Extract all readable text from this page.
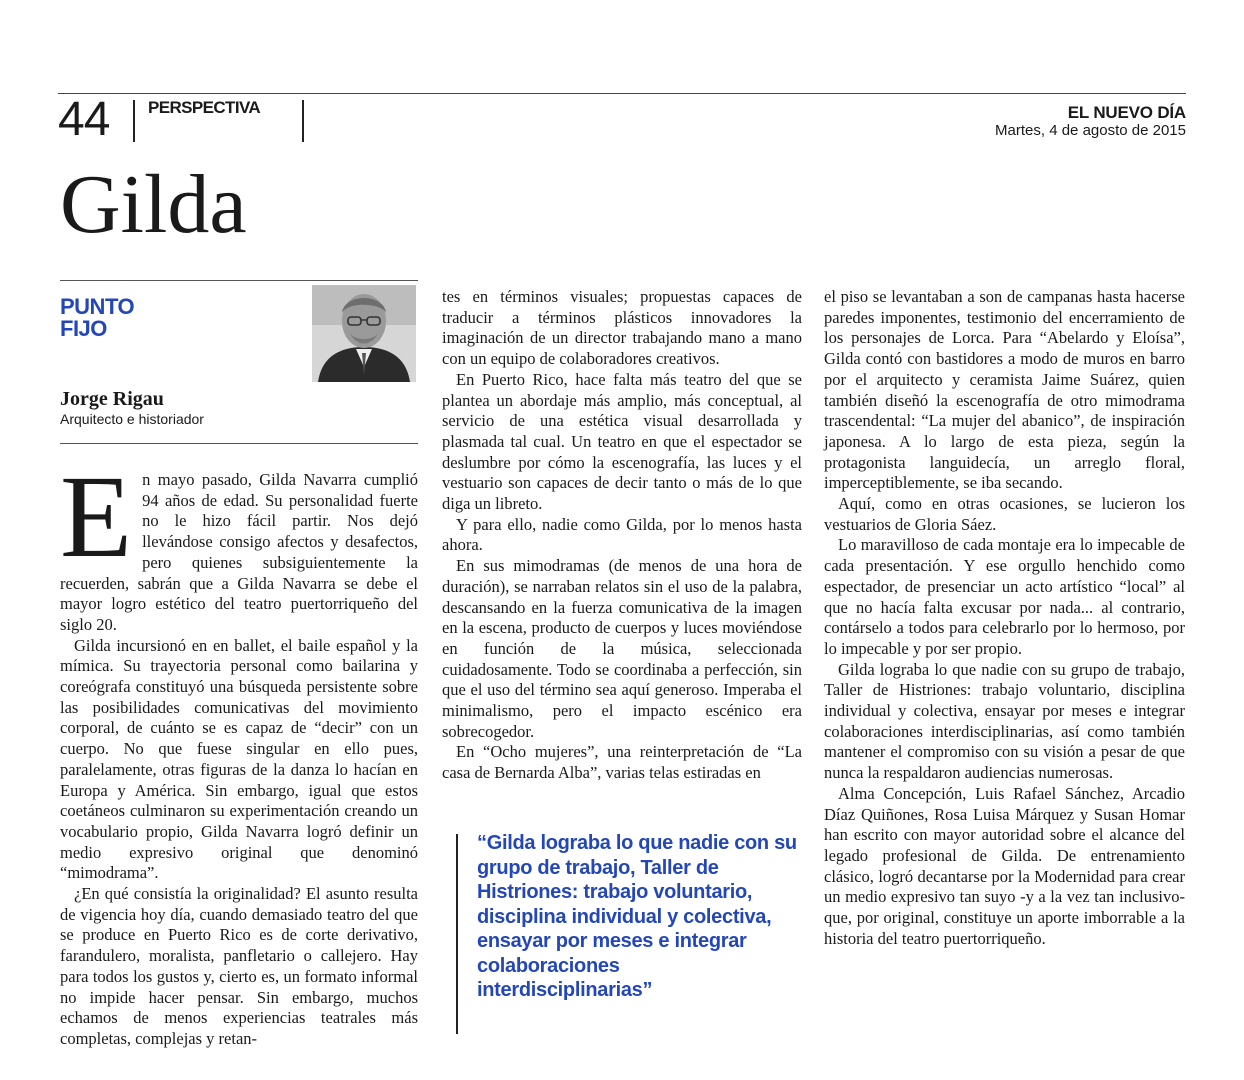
44 PERSPECTIVA	EL NUEVO DÍA
Martes, 4 de agosto de 2015
Gilda
PUNTO FIJO
Jorge Rigau
Arquitecto e historiador

En mayo pasado, Gilda Navarra cumplió 94 años de edad. Su personalidad fuerte no le hizo fácil partir. Nos dejó llevándose consigo afectos y desafectos, pero quienes subsiguientemente la recuerden, sabrán que a Gilda Navarra se debe el mayor logro estético del teatro puertorriqueño del siglo 20.

Gilda incursionó en en ballet, el baile español y la mímica. Su trayectoria personal como bailarina y coreógrafa constituyó una búsqueda persistente sobre las posibilidades comunicativas del movimiento corporal, de cuánto se es capaz de “decir” con un cuerpo. No que fuese singular en ello pues, paralelamente, otras figuras de la danza lo hacían en Europa y América. Sin embargo, igual que estos coetáneos culminaron su experimentación creando un vocabulario propio, Gilda Navarra logró definir un medio expresivo original que denominó “mimodrama”.

¿En qué consistía la originalidad? El asunto resulta de vigencia hoy día, cuando demasiado teatro del que se produce en Puerto Rico es de corte derivativo, farandulero, moralista, panfletario o callejero. Hay para todos los gustos y, cierto es, un formato informal no impide hacer pensar. Sin embargo, muchos echamos de menos experiencias teatrales más completas, complejas y retan-

tes en términos visuales; propuestas capaces de traducir a términos plásticos innovadores la imaginación de un director trabajando mano a mano con un equipo de colaboradores creativos.

En Puerto Rico, hace falta más teatro del que se plantea un abordaje más amplio, más conceptual, al servicio de una estética visual desarrollada y plasmada tal cual. Un teatro en que el espectador se deslumbre por cómo la escenografía, las luces y el vestuario son capaces de decir tanto o más de lo que diga un libreto.

Y para ello, nadie como Gilda, por lo menos hasta ahora.

En sus mimodramas (de menos de una hora de duración), se narraban relatos sin el uso de la palabra, descansando en la fuerza comunicativa de la imagen en la escena, producto de cuerpos y luces moviéndose en función de la música, seleccionada cuidadosamente. Todo se coordinaba a perfección, sin que el uso del término sea aquí generoso. Imperaba el minimalismo, pero el impacto escénico era sobrecogedor.

En “Ocho mujeres”, una reinterpretación de “La casa de Bernarda Alba”, varias telas estiradas en

“Gilda lograba lo que nadie con su grupo de trabajo, Taller de Histriones: trabajo voluntario, disciplina individual y colectiva, ensayar por meses e integrar colaboraciones interdisciplinarias”

el piso se levantaban a son de campanas hasta hacerse paredes imponentes, testimonio del encerramiento de los personajes de Lorca. Para “Abelardo y Eloísa”, Gilda contó con bastidores a modo de muros en barro por el arquitecto y ceramista Jaime Suárez, quien también diseñó la escenografía de otro mimodrama trascendental: “La mujer del abanico”, de inspiración japonesa. A lo largo de esta pieza, según la protagonista languidecía, un arreglo floral, imperceptiblemente, se iba secando.

Aquí, como en otras ocasiones, se lucieron los vestuarios de Gloria Sáez.

Lo maravilloso de cada montaje era lo impecable de cada presentación. Y ese orgullo henchido como espectador, de presenciar un acto artístico “local” al que no hacía falta excusar por nada... al contrario, contárselo a todos para celebrarlo por lo hermoso, por lo impecable y por ser propio.

Gilda lograba lo que nadie con su grupo de trabajo, Taller de Histriones: trabajo voluntario, disciplina individual y colectiva, ensayar por meses e integrar colaboraciones interdisciplinarias, así como también mantener el compromiso con su visión a pesar de que nunca la respaldaron audiencias numerosas.

Alma Concepción, Luis Rafael Sánchez, Arcadio Díaz Quiñones, Rosa Luisa Márquez y Susan Homar han escrito con mayor autoridad sobre el alcance del legado profesional de Gilda. De entrenamiento clásico, logró decantarse por la Modernidad para crear un medio expresivo tan suyo -y a la vez tan inclusivo- que, por original, constituye un aporte imborrable a la historia del teatro puertorriqueño.
